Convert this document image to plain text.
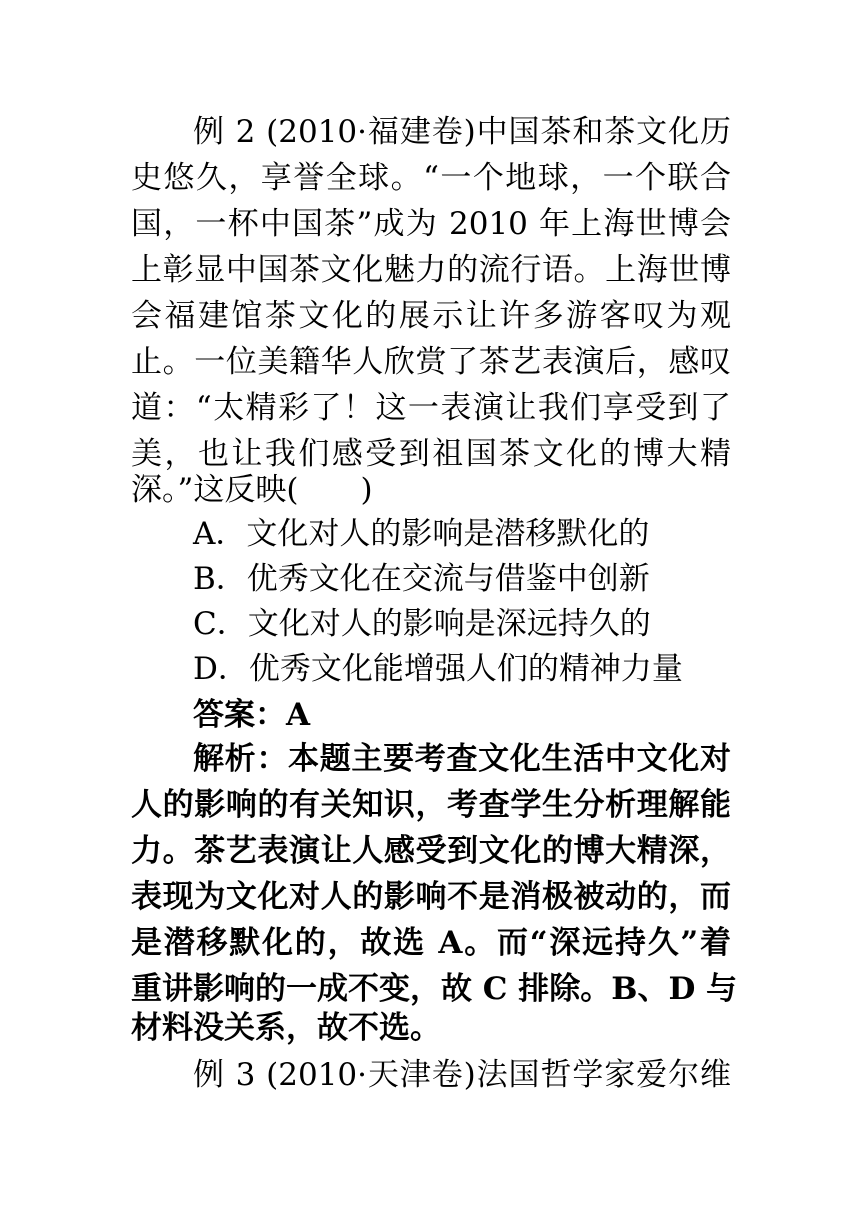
例 2 (2010·福建卷)中国茶和茶文化历
史悠久，享誉全球。“一个地球，一个联合
国，一杯中国茶”成为 2010 年上海世博会
上彰显中国茶文化魅力的流行语。上海世博
会福建馆茶文化的展示让许多游客叹为观
止。一位美籍华人欣赏了茶艺表演后，感叹
道：“太精彩了！这一表演让我们享受到了
美，也让我们感受到祖国茶文化的博大精
深。”这反映(　　)
A．文化对人的影响是潜移默化的
B．优秀文化在交流与借鉴中创新
C．文化对人的影响是深远持久的
D．优秀文化能增强人们的精神力量
答案：A
解析：本题主要考查文化生活中文化对
人的影响的有关知识，考查学生分析理解能
力。茶艺表演让人感受到文化的博大精深，
表现为文化对人的影响不是消极被动的，而
是潜移默化的，故选 A。而“深远持久”着
重讲影响的一成不变，故 C 排除。B、D 与
材料没关系，故不选。
例 3 (2010·天津卷)法国哲学家爱尔维
